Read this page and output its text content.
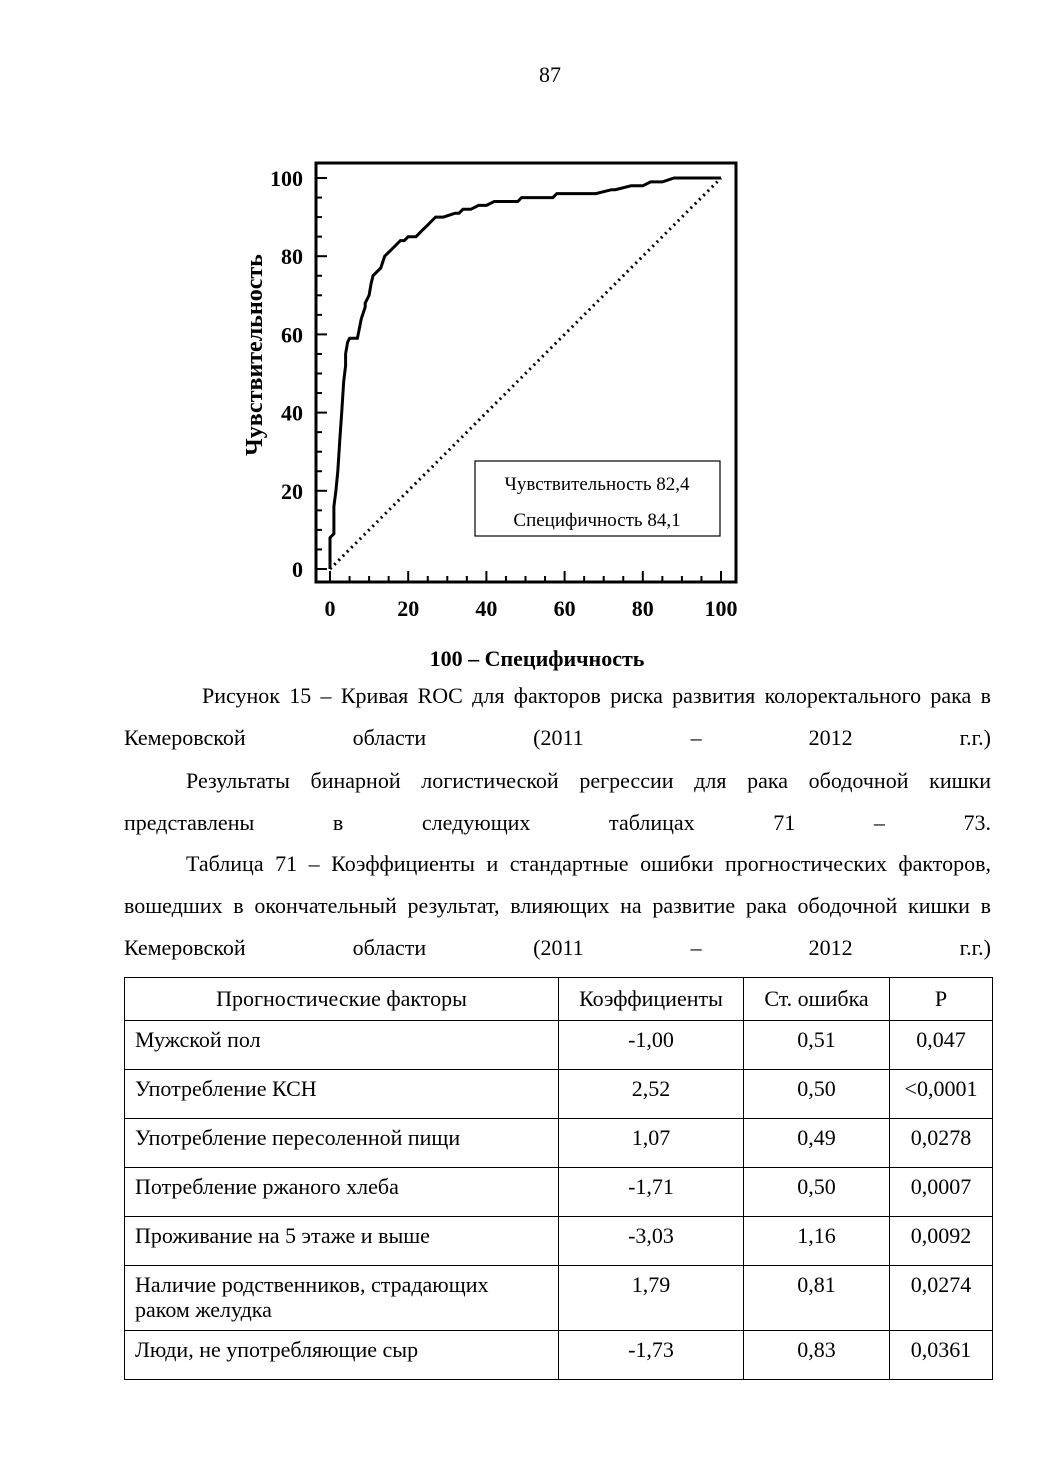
87
0	20	40	60	80 100
0
20
40
60
80
100
Чувствительность 82,4
Специфичность 84,1
Чувствительность
100 – Специфичность
Рисунок 15 – Кривая ROC для факторов риска развития колоректального рака в Кемеровской области (2011 – 2012 г.г.)
Результаты бинарной логистической регрессии для рака ободочной кишки представлены в следующих таблицах 71 – 73.
Таблица 71 – Коэффициенты и стандартные ошибки прогностических факторов, вошедших в окончательный результат, влияющих на развитие рака ободочной кишки в Кемеровской области (2011 – 2012 г.г.)
Прогностические факторы	Коэффициенты	Ст. ошибка	P
Мужской пол	-1,00	0,51	0,047
Употребление КСН	2,52	0,50	<0,0001
Употребление пересоленной пищи	1,07	0,49	0,0278
Потребление ржаного хлеба	-1,71	0,50	0,0007
Проживание на 5 этаже и выше	-3,03	1,16	0,0092
Наличие родственников, страдающих раком желудка	1,79	0,81	0,0274
Люди, не употребляющие сыр	-1,73	0,83	0,0361
